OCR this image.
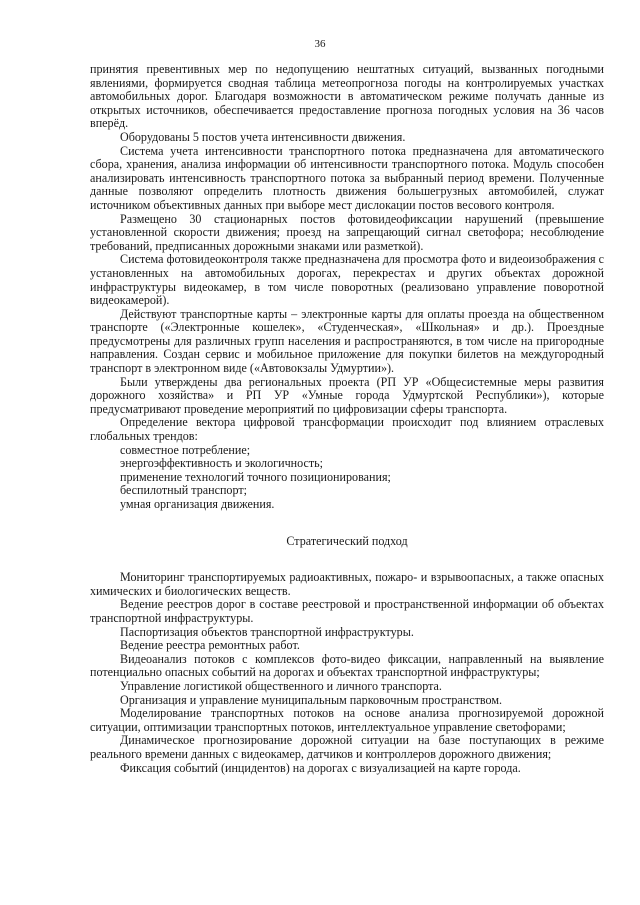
36

принятия превентивных мер по недопущению нештатных ситуаций, вызванных погодными явлениями, формируется сводная таблица метеопрогноза погоды на контролируемых участках автомобильных дорог. Благодаря возможности в автоматическом режиме получать данные из открытых источников, обеспечивается предоставление прогноза погодных условия на 36 часов вперёд.

Оборудованы 5 постов учета интенсивности движения.

Система учета интенсивности транспортного потока предназначена для автоматического сбора, хранения, анализа информации об интенсивности транспортного потока. Модуль способен анализировать интенсивность транспортного потока за выбранный период времени. Полученные данные позволяют определить плотность движения большегрузных автомобилей, служат источником объективных данных при выборе мест дислокации постов весового контроля.

Размещено 30 стационарных постов фотовидеофиксации нарушений (превышение установленной скорости движения; проезд на запрещающий сигнал светофора; несоблюдение требований, предписанных дорожными знаками или разметкой).

Система фотовидеоконтроля также предназначена для просмотра фото и видеоизображения с установленных на автомобильных дорогах, перекрестах и других объектах дорожной инфраструктуры видеокамер, в том числе поворотных (реализовано управление поворотной видеокамерой).

Действуют транспортные карты – электронные карты для оплаты проезда на общественном транспорте («Электронные кошелек», «Студенческая», «Школьная» и др.). Проездные предусмотрены для различных групп населения и распространяются, в том числе на пригородные направления. Создан сервис и мобильное приложение для покупки билетов на междугородный транспорт в электронном виде («Автовокзалы Удмуртии»).

Были утверждены два региональных проекта (РП УР «Общесистемные меры развития дорожного хозяйства» и РП УР «Умные города Удмуртской Республики»), которые предусматривают проведение мероприятий по цифровизации сферы транспорта.

Определение вектора цифровой трансформации происходит под влиянием отраслевых глобальных трендов:

совместное потребление;

энергоэффективность и экологичность;

применение технологий точного позиционирования;

беспилотный транспорт;

умная организация движения.

Стратегический подход

Мониторинг транспортируемых радиоактивных, пожаро- и взрывоопасных, а также опасных химических и биологических веществ.

Ведение реестров дорог в составе реестровой и пространственной информации об объектах транспортной инфраструктуры.

Паспортизация объектов транспортной инфраструктуры.

Ведение реестра ремонтных работ.

Видеоанализ потоков с комплексов фото-видео фиксации, направленный на выявление потенциально опасных событий на дорогах и объектах транспортной инфраструктуры;

Управление логистикой общественного и личного транспорта.

Организация и управление муниципальным парковочным пространством.

Моделирование транспортных потоков на основе анализа прогнозируемой дорожной ситуации, оптимизации транспортных потоков, интеллектуальное управление светофорами;

Динамическое прогнозирование дорожной ситуации на базе поступающих в режиме реального времени данных с видеокамер, датчиков и контроллеров дорожного движения;

Фиксация событий (инцидентов) на дорогах с визуализацией на карте города.
